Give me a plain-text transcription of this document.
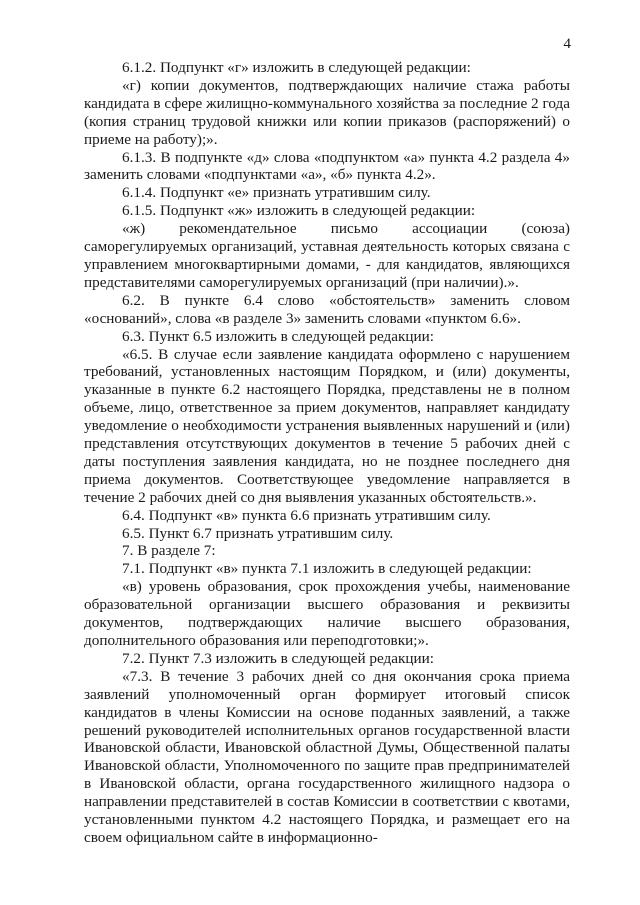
4

6.1.2. Подпункт «г» изложить в следующей редакции:

«г) копии документов, подтверждающих наличие стажа работы кандидата в сфере жилищно-коммунального хозяйства за последние 2 года (копия страниц трудовой книжки или копии приказов (распоряжений) о приеме на работу);».

6.1.3. В подпункте «д» слова «подпунктом «а» пункта 4.2 раздела 4» заменить словами «подпунктами «а», «б» пункта 4.2».

6.1.4. Подпункт «е» признать утратившим силу.

6.1.5. Подпункт «ж» изложить в следующей редакции:

«ж) рекомендательное письмо ассоциации (союза) саморегулируемых организаций, уставная деятельность которых связана с управлением многоквартирными домами, - для кандидатов, являющихся представителями саморегулируемых организаций (при наличии).».

6.2. В пункте 6.4 слово «обстоятельств» заменить словом «оснований», слова «в разделе 3» заменить словами «пунктом 6.6».

6.3. Пункт 6.5 изложить в следующей редакции:

«6.5. В случае если заявление кандидата оформлено с нарушением требований, установленных настоящим Порядком, и (или) документы, указанные в пункте 6.2 настоящего Порядка, представлены не в полном объеме, лицо, ответственное за прием документов, направляет кандидату уведомление о необходимости устранения выявленных нарушений и (или) представления отсутствующих документов в течение 5 рабочих дней с даты поступления заявления кандидата, но не позднее последнего дня приема документов. Соответствующее уведомление направляется в течение 2 рабочих дней со дня выявления указанных обстоятельств.».

6.4. Подпункт «в» пункта 6.6 признать утратившим силу.

6.5. Пункт 6.7 признать утратившим силу.

7. В разделе 7:

7.1. Подпункт «в» пункта 7.1 изложить в следующей редакции:

«в) уровень образования, срок прохождения учебы, наименование образовательной организации высшего образования и реквизиты документов, подтверждающих наличие высшего образования, дополнительного образования или переподготовки;».

7.2. Пункт 7.3 изложить в следующей редакции:

«7.3. В течение 3 рабочих дней со дня окончания срока приема заявлений уполномоченный орган формирует итоговый список кандидатов в члены Комиссии на основе поданных заявлений, а также решений руководителей исполнительных органов государственной власти Ивановской области, Ивановской областной Думы, Общественной палаты Ивановской области, Уполномоченного по защите прав предпринимателей в Ивановской области, органа государственного жилищного надзора о направлении представителей в состав Комиссии в соответствии с квотами, установленными пунктом 4.2 настоящего Порядка, и размещает его на своем официальном сайте в информационно-
